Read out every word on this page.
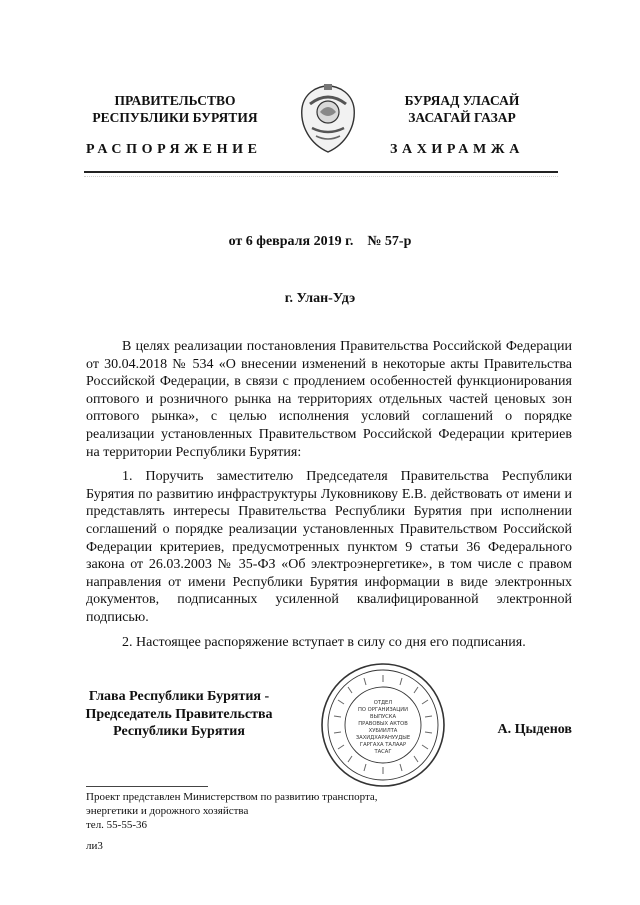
ПРАВИТЕЛЬСТВО
РЕСПУБЛИКИ БУРЯТИЯ
БУРЯАД УЛАСАЙ
ЗАСАГАЙ ГАЗАР
РАСПОРЯЖЕНИЕ	ЗАХИРАМЖА
от 6 февраля 2019 г.    № 57-р
г. Улан-Удэ

В целях реализации постановления Правительства Российской Федерации от 30.04.2018 № 534 «О внесении изменений в некоторые акты Правительства Российской Федерации, в связи с продлением особенностей функционирования оптового и розничного рынка на территориях отдельных частей ценовых зон оптового рынка», с целью исполнения условий соглашений о порядке реализации установленных Правительством Российской Федерации критериев на территории Республики Бурятия:

1. Поручить заместителю Председателя Правительства Республики Бурятия по развитию инфраструктуры Луковникову Е.В. действовать от имени и представлять интересы Правительства Республики Бурятия при исполнении соглашений о порядке реализации установленных Правительством Российской Федерации критериев, предусмотренных пунктом 9 статьи 36 Федерального закона от 26.03.2003 № 35-ФЗ «Об электроэнергетике», в том числе с правом направления от имени Республики Бурятия информации в виде электронных документов, подписанных усиленной квалифицированной электронной подписью.

2. Настоящее распоряжение вступает в силу со дня его подписания.

Глава Республики Бурятия -
Председатель Правительства
Республики Бурятия
ОТДЕЛ
ПО ОРГАНИЗАЦИИ
ВЫПУСКА
ПРАВОВЫХ АКТОВ
ХУБИИЛТА
ЗАХИДХАРАНУУДЫЕ
ГАРГАХА ТАЛААР
ТАСАГ
А. Цыденов
Проект представлен Министерством по развитию транспорта,
энергетики и дорожного хозяйства
тел. 55-55-36
ли3
